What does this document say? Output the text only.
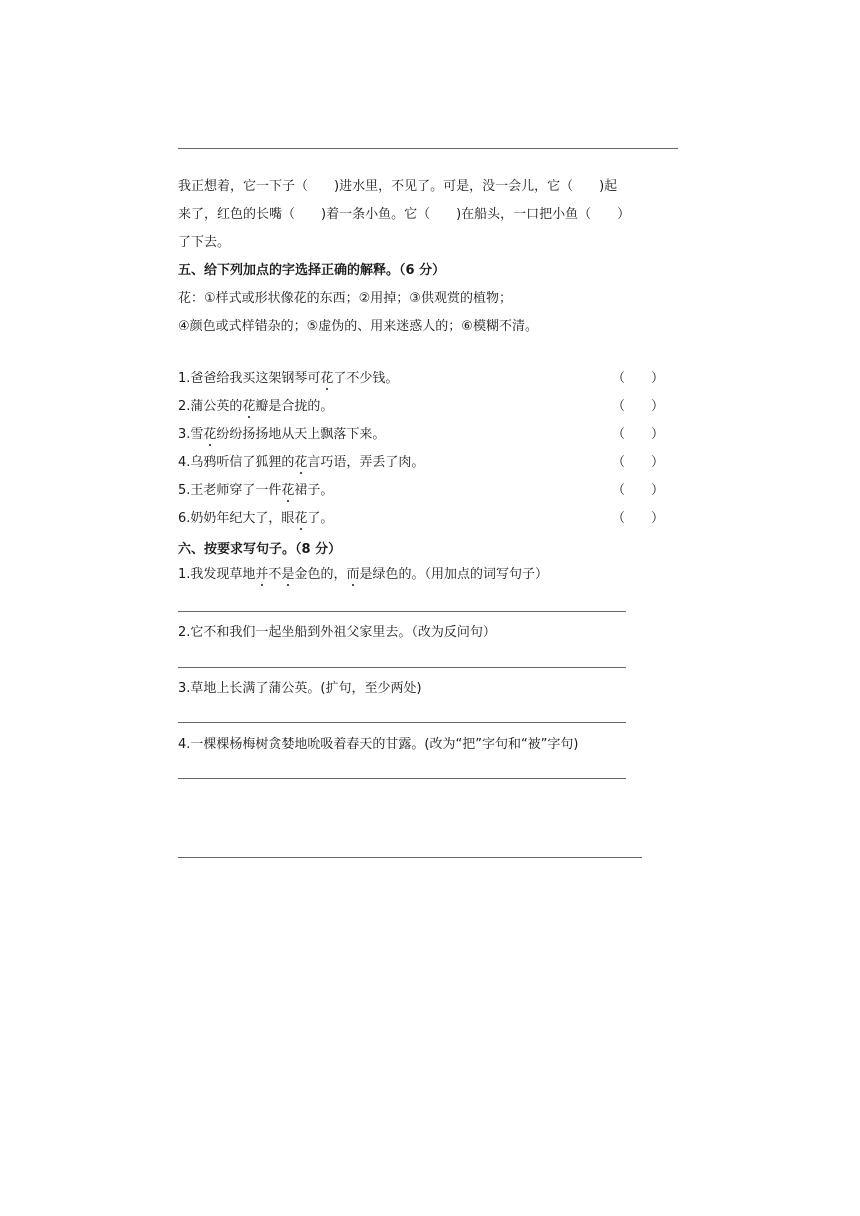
我正想着，它一下子（　　)进水里，不见了。可是，没一会儿，它（　　)起
来了，红色的长嘴（　　)着一条小鱼。它（　　)在船头，一口把小鱼（　　）
了下去。
五、给下列加点的字选择正确的解释。（6 分）
花：①样式或形状像花的东西；②用掉；③供观赏的植物；
④颜色或式样错杂的；⑤虚伪的、用来迷惑人的；⑥模糊不清。
1.爸爸给我买这架钢琴可花了不少钱。	（　　）
2.蒲公英的花瓣是合拢的。	（　　）
3.雪花纷纷扬扬地从天上飘落下来。	（　　）
4.乌鸦听信了狐狸的花言巧语，弄丢了肉。	（　　）
5.王老师穿了一件花裙子。	（　　）
6.奶奶年纪大了，眼花了。	（　　）
六、按要求写句子。（8 分）
1.我发现草地并不是金色的，而是绿色的。（用加点的词写句子）
2.它不和我们一起坐船到外祖父家里去。（改为反问句）
3.草地上长满了蒲公英。(扩句，至少两处)
4.一棵棵杨梅树贪婪地吮吸着春天的甘露。(改为“把”字句和“被”字句)
